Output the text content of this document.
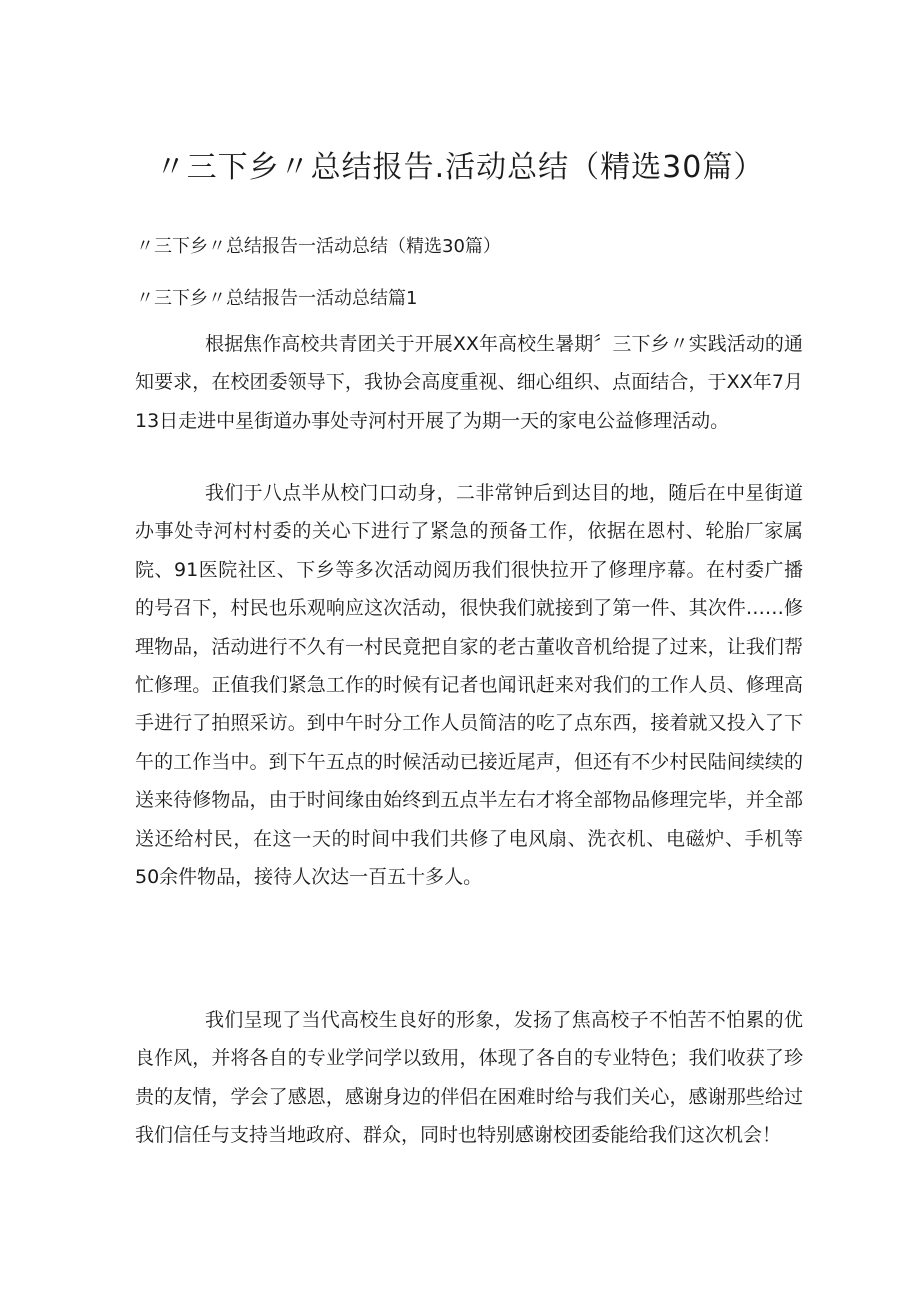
〃三下乡〃总结报告.活动总结（精选30篇）

〃三下乡〃总结报告一活动总结（精选30篇）

〃三下乡〃总结报告一活动总结篇1

根据焦作高校共青团关于开展XX年高校生暑期〞三下乡〃实践活动的通知要求，在校团委领导下，我协会高度重视、细心组织、点面结合，于XX年7月13日走进中星街道办事处寺河村开展了为期一天的家电公益修理活动。

我们于八点半从校门口动身，二非常钟后到达目的地，随后在中星街道办事处寺河村村委的关心下进行了紧急的预备工作，依据在恩村、轮胎厂家属院、91医院社区、下乡等多次活动阅历我们很快拉开了修理序幕。在村委广播的号召下，村民也乐观响应这次活动，很快我们就接到了第一件、其次件……修理物品，活动进行不久有一村民竟把自家的老古董收音机给提了过来，让我们帮忙修理。正值我们紧急工作的时候有记者也闻讯赶来对我们的工作人员、修理高手进行了拍照采访。到中午时分工作人员简洁的吃了点东西，接着就又投入了下午的工作当中。到下午五点的时候活动已接近尾声，但还有不少村民陆间续续的送来待修物品，由于时间缘由始终到五点半左右才将全部物品修理完毕，并全部送还给村民，在这一天的时间中我们共修了电风扇、洗衣机、电磁炉、手机等50余件物品，接待人次达一百五十多人。

我们呈现了当代高校生良好的形象，发扬了焦高校子不怕苦不怕累的优良作风，并将各自的专业学问学以致用，体现了各自的专业特色；我们收获了珍贵的友情，学会了感恩，感谢身边的伴侣在困难时给与我们关心，感谢那些给过我们信任与支持当地政府、群众，同时也特别感谢校团委能给我们这次机会！
